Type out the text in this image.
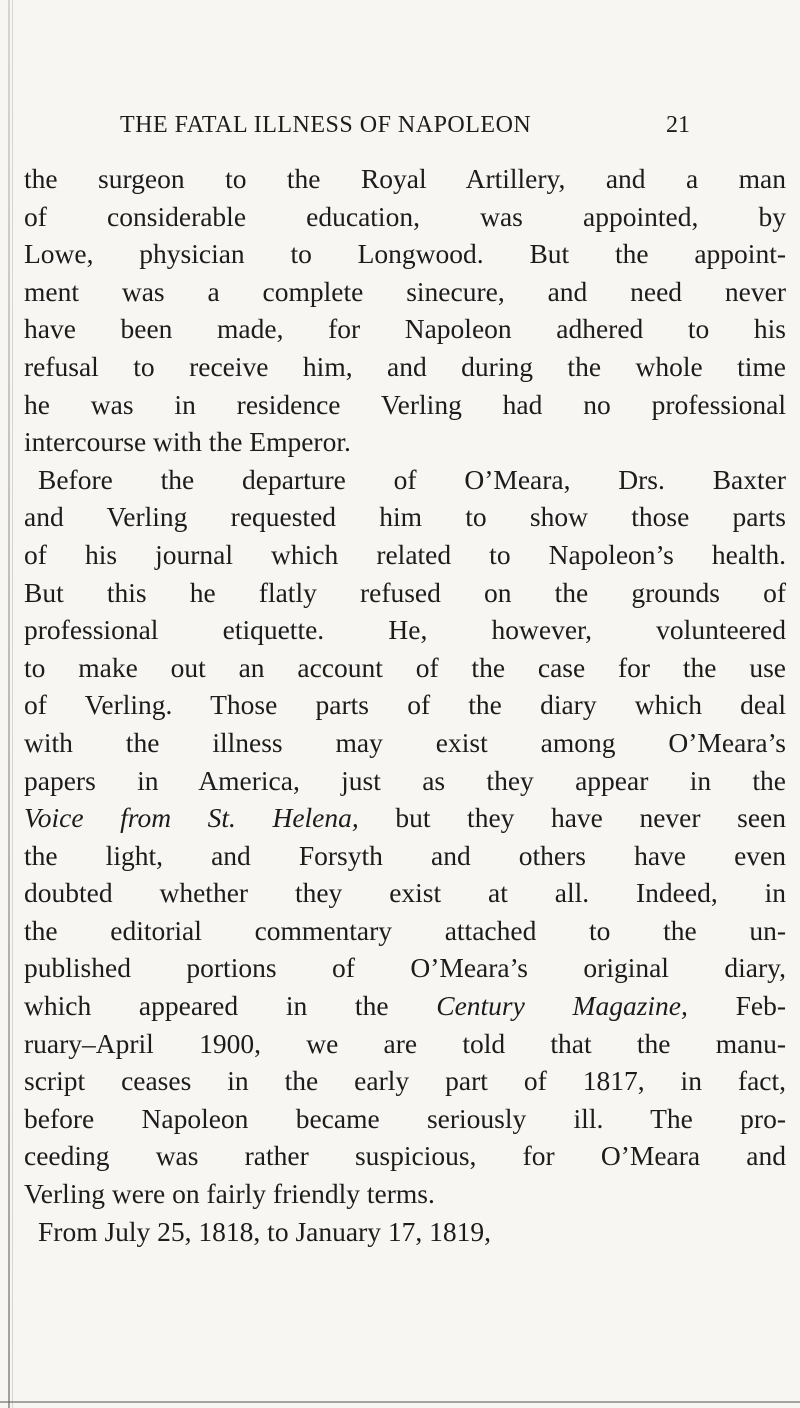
THE FATAL ILLNESS OF NAPOLEON	21
the surgeon to the Royal Artillery, and a man
of considerable education, was appointed, by
Lowe, physician to Longwood. But the appoint-
ment was a complete sinecure, and need never
have been made, for Napoleon adhered to his
refusal to receive him, and during the whole time
he was in residence Verling had no professional
intercourse with the Emperor.
Before the departure of O’Meara, Drs. Baxter
and Verling requested him to show those parts
of his journal which related to Napoleon’s health.
But this he flatly refused on the grounds of
professional etiquette. He, however, volunteered
to make out an account of the case for the use
of Verling. Those parts of the diary which deal
with the illness may exist among O’Meara’s
papers in America, just as they appear in the
Voice from St. Helena, but they have never seen
the light, and Forsyth and others have even
doubted whether they exist at all. Indeed, in
the editorial commentary attached to the un-
published portions of O’Meara’s original diary,
which appeared in the Century Magazine, Feb-
ruary–April 1900, we are told that the manu-
script ceases in the early part of 1817, in fact,
before Napoleon became seriously ill. The pro-
ceeding was rather suspicious, for O’Meara and
Verling were on fairly friendly terms.
From July 25, 1818, to January 17, 1819,
